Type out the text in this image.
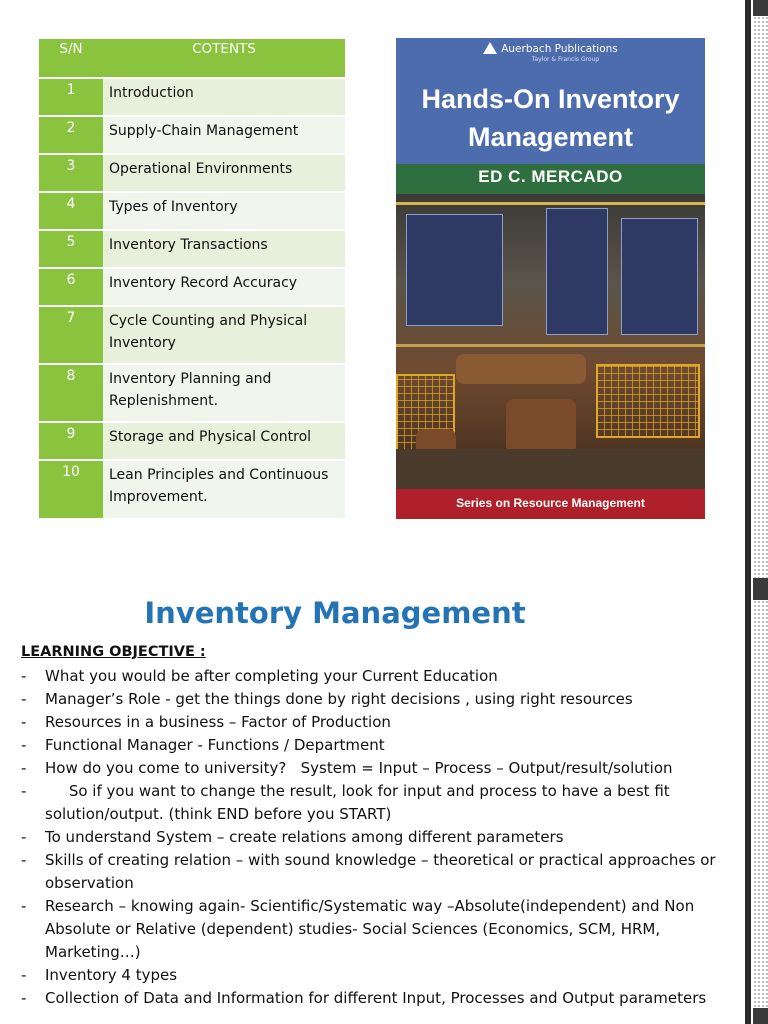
S/N	COTENTS
1	Introduction
2	Supply-Chain Management
3	Operational Environments
4	Types of Inventory
5	Inventory Transactions
6	Inventory Record Accuracy
7	Cycle Counting and Physical Inventory
8	Inventory Planning and Replenishment.
9	Storage and Physical Control
10	Lean Principles and Continuous Improvement.
Auerbach Publications
Taylor & Francis Group
Hands-On Inventory
Management
ED C. MERCADO
Series on Resource Management
Inventory Management
LEARNING OBJECTIVE :
- What you would be after completing your Current Education
- Manager’s Role - get the things done by right decisions , using right resources
- Resources in a business – Factor of Production
- Functional Manager - Functions / Department
- How do you come to university?   System = Input – Process – Output/result/solution
- So if you want to change the result, look for input and process to have a best fit solution/output. (think END before you START)
- To understand System – create relations among different parameters
- Skills of creating relation – with sound knowledge – theoretical or practical approaches or observation
- Research – knowing again- Scientific/Systematic way –Absolute(independent) and Non Absolute or Relative (dependent) studies- Social Sciences (Economics, SCM, HRM, Marketing…)
- Inventory 4 types
- Collection of Data and Information for different Input, Processes and Output parameters
